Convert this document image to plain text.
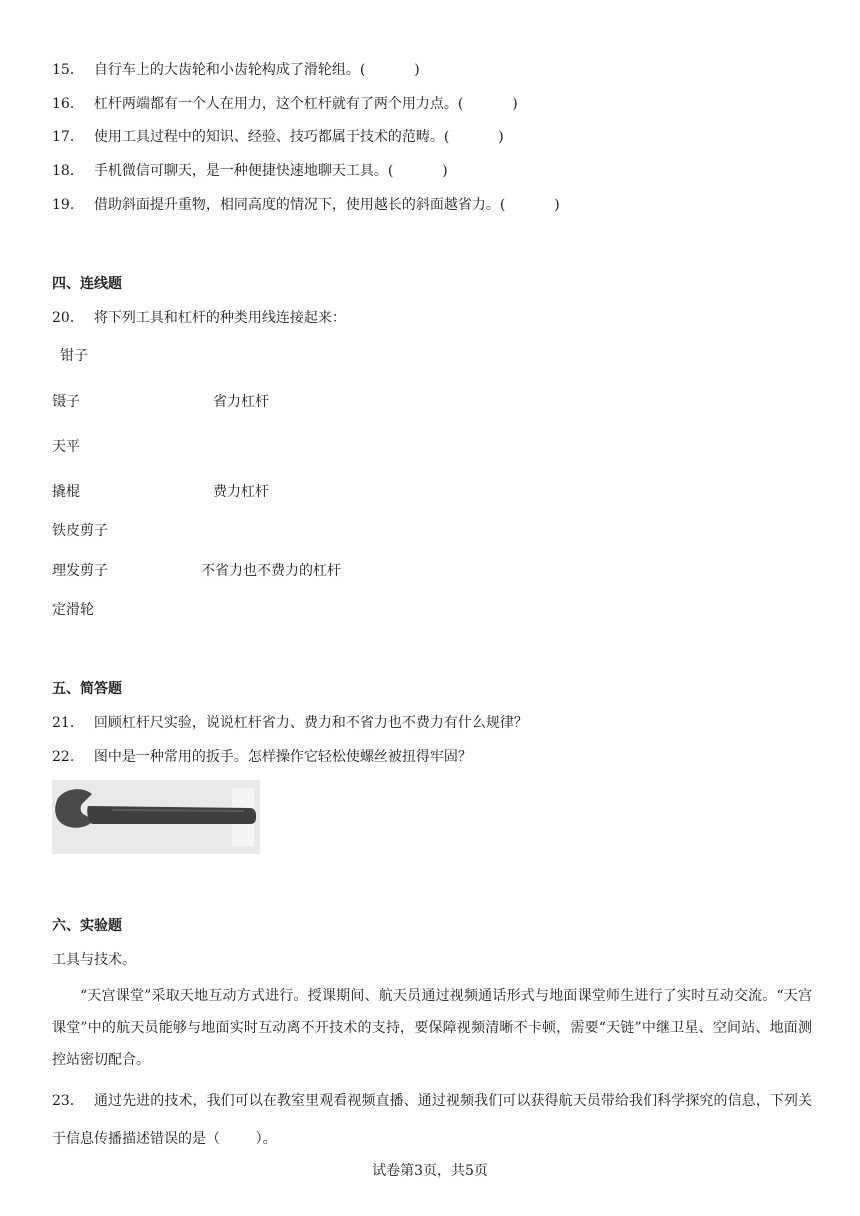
15． 自行车上的大齿轮和小齿轮构成了滑轮组。(           )
16． 杠杆两端都有一个人在用力，这个杠杆就有了两个用力点。(           )
17． 使用工具过程中的知识、经验、技巧都属于技术的范畴。(           )
18． 手机微信可聊天，是一种便捷快速地聊天工具。(           )
19． 借助斜面提升重物，相同高度的情况下，使用越长的斜面越省力。(           )
四、连线题
20． 将下列工具和杠杆的种类用线连接起来：
钳子
镊子
天平
撬棍
铁皮剪子
理发剪子
定滑轮
省力杠杆
费力杠杆
不省力也不费力的杠杆
五、简答题
21． 回顾杠杆尺实验，说说杠杆省力、费力和不省力也不费力有什么规律？
22． 图中是一种常用的扳手。怎样操作它轻松使螺丝被扭得牢固？
六、实验题
工具与技术。
“天宫课堂”采取天地互动方式进行。授课期间、航天员通过视频通话形式与地面课堂师生进行了实时互动交流。“天宫课堂”中的航天员能够与地面实时互动离不开技术的支持，要保障视频清晰不卡顿，需要“天链”中继卫星、空间站、地面测控站密切配合。
23． 通过先进的技术，我们可以在教室里观看视频直播、通过视频我们可以获得航天员带给我们科学探究的信息，下列关于信息传播描述错误的是（        ）。
试卷第3页，共5页
